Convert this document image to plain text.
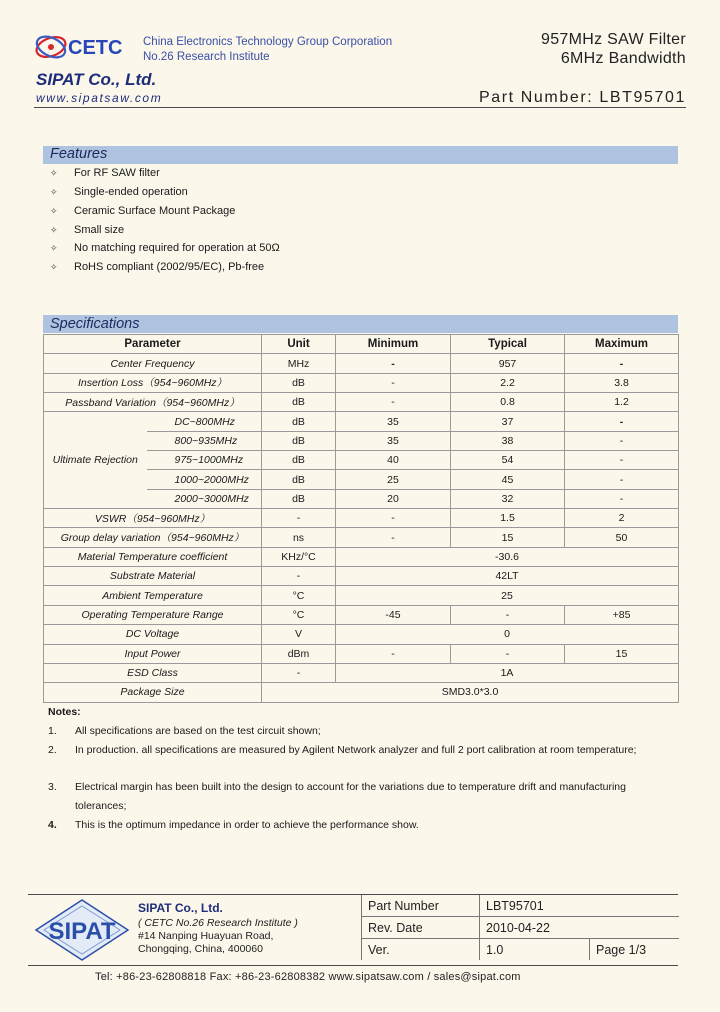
CETC China Electronics Technology Group Corporation
No.26 Research Institute
957MHz SAW Filter
6MHz Bandwidth
SIPAT Co., Ltd.
www.sipatsaw.com	Part Number: LBT95701
Features
✧ For RF SAW filter
✧ Single-ended operation
✧ Ceramic Surface Mount Package
✧ Small size
✧ No matching required for operation at 50Ω
✧ RoHS compliant (2002/95/EC), Pb-free
Specifications
Parameter		Unit	Minimum	Typical	Maximum
Center Frequency		MHz	-	957	-
Insertion Loss（954~960MHz）		dB	-	2.2	3.8
Passband Variation（954~960MHz）		dB	-	0.8	1.2
Ultimate Rejection	DC~800MHz	dB	35	37	-
	800~935MHz	dB	35	38	-
	975~1000MHz	dB	40	54	-
	1000~2000MHz	dB	25	45	-
	2000~3000MHz	dB	20	32	-
VSWR（954~960MHz）		-	-	1.5	2
Group delay variation（954~960MHz）		ns	-	15	50
Material Temperature coefficient		KHz/°C	-30.6		
Substrate Material		-	42LT		
Ambient Temperature		°C	25		
Operating Temperature Range		°C	-45	-	+85
DC Voltage		V	0		
Input Power		dBm	-	-	15
ESD Class		-	1A		
Package Size		SMD3.0*3.0			
Notes:
1. All specifications are based on the test circuit shown;
2. In production. all specifications are measured by Agilent Network analyzer and full 2 port calibration at room temperature;
3. Electrical margin has been built into the design to account for the variations due to temperature drift and manufacturing tolerances;
4. This is the optimum impedance in order to achieve the performance show.
SIPAT
SIPAT Co., Ltd.
( CETC No.26 Research Institute )
#14 Nanping Huayuan Road,
Chongqing, China, 400060
Part Number	LBT95701	
Rev. Date	2010-04-22	
Ver.	1.0	Page 1/3
Tel: +86-23-62808818 Fax: +86-23-62808382 www.sipatsaw.com / sales@sipat.com
